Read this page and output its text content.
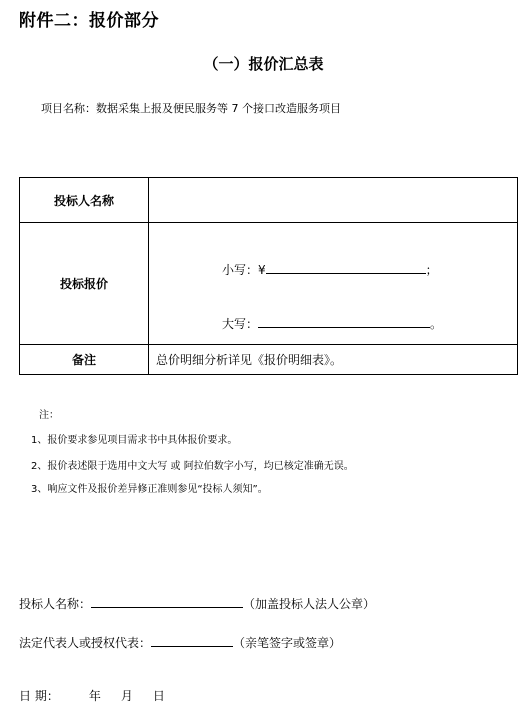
附件二：报价部分
（一）报价汇总表
项目名称：数据采集上报及便民服务等 7 个接口改造服务项目
投标人名称	
投标报价	小写：¥ ；
大写： 。

备注	总价明细分析详见《报价明细表》。
注：
1、报价要求参见项目需求书中具体报价要求。
2、报价表述限于选用中文大写 或 阿拉伯数字小写，均已核定准确无误。
3、响应文件及报价差异修正准则参见“投标人须知”。
投标人名称：	（加盖投标人法人公章）
法定代表人或授权代表：	（亲笔签字或签章）
日 期：	年 月 日
